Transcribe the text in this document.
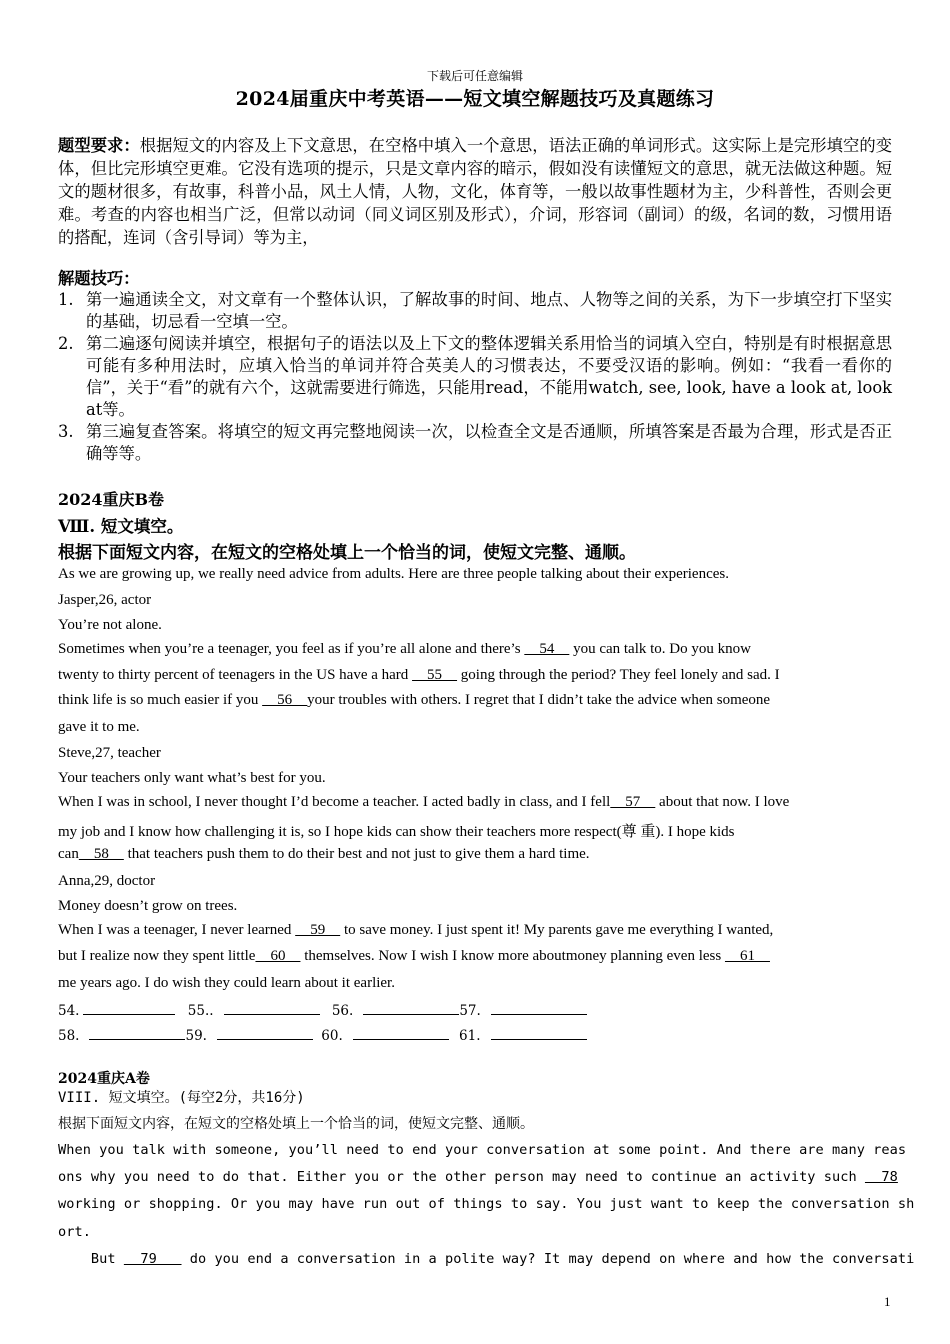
下载后可任意编辑
2024届重庆中考英语——短文填空解题技巧及真题练习
题型要求：根据短文的内容及上下文意思，在空格中填入一个意思，语法正确的单词形式。这实际上是完形填空的变体，但比完形填空更难。它没有选项的提示，只是文章内容的暗示，假如没有读懂短文的意思，就无法做这种题。短文的题材很多，有故事，科普小品，风土人情，人物，文化，体育等，一般以故事性题材为主，少科普性，否则会更难。考查的内容也相当广泛，但常以动词（同义词区别及形式），介词，形容词（副词）的级，名词的数，习惯用语的搭配，连词（含引导词）等为主，
解题技巧：
1. 第一遍通读全文，对文章有一个整体认识，了解故事的时间、地点、人物等之间的关系，为下一步填空打下坚实的基础，切忌看一空填一空。
2. 第二遍逐句阅读并填空，根据句子的语法以及上下文的整体逻辑关系用恰当的词填入空白，特别是有时根据意思可能有多种用法时，应填入恰当的单词并符合英美人的习惯表达，不要受汉语的影响。例如：“我看一看你的信”，关于“看”的就有六个，这就需要进行筛选，只能用read，不能用watch, see, look, have a look at, look at等。
3. 第三遍复查答案。将填空的短文再完整地阅读一次，以检查全文是否通顺，所填答案是否最为合理，形式是否正确等等。
2024重庆B卷
Ⅷ. 短文填空。
根据下面短文内容，在短文的空格处填上一个恰当的词，使短文完整、通顺。
As we are growing up, we really need advice from adults. Here are three people talking about their experiences.
Jasper,26, actor
You’re not alone.
Sometimes when you’re a teenager, you feel as if you’re all alone and there’s     54     you can talk to. Do you know
twenty to thirty percent of teenagers in the US have a hard     55     going through the period? They feel lonely and sad. I
think life is so much easier if you     56    your troubles with others. I regret that I didn’t take the advice when someone
gave it to me.
Steve,27, teacher
Your teachers only want what’s best for you.
When I was in school, I never thought I’d become a teacher. I acted badly in class, and I fell    57     about that now. I love
my job and I know how challenging it is, so I hope kids can show their teachers more respect(尊 重). I hope kids
can    58     that teachers push them to do their best and not just to give them a hard time.
Anna,29, doctor
Money doesn’t grow on trees.
When I was a teenager, I never learned     59     to save money. I just spent it! My parents gave me everything I wanted,
but I realize now they spent little    60     themselves. Now I wish I know more aboutmoney planning even less     61
me years ago. I do wish they could learn about it earlier.
54.	55..	56.	57.
58.	59.	60.	61.
2024重庆A卷
VIII. 短文填空。(每空2分，共16分)
根据下面短文内容，在短文的空格处填上一个恰当的词，使短文完整、通顺。
When you talk with someone, you’ll need to end your conversation at some point. And there are many reas
ons why you need to do that. Either you or the other person may need to continue an activity such   78
working or shopping. Or you may have run out of things to say. You just want to keep the conversation sh
ort.
But   79    do you end a conversation in a polite way? It may depend on where and how the conversati
1
